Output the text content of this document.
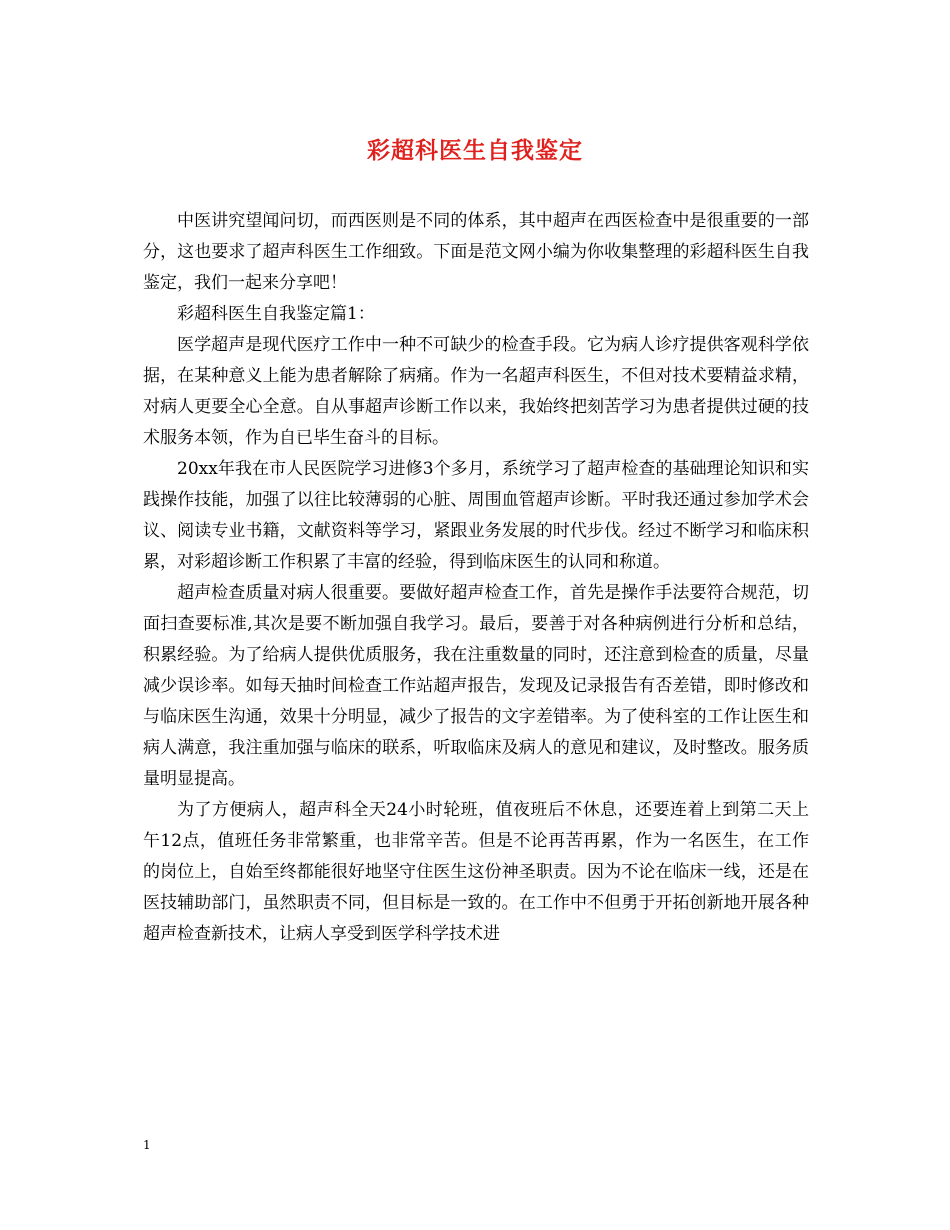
彩超科医生自我鉴定

中医讲究望闻问切，而西医则是不同的体系，其中超声在西医检查中是很重要的一部分，这也要求了超声科医生工作细致。下面是范文网小编为你收集整理的彩超科医生自我鉴定，我们一起来分享吧！

彩超科医生自我鉴定篇1：

医学超声是现代医疗工作中一种不可缺少的检查手段。它为病人诊疗提供客观科学依据，在某种意义上能为患者解除了病痛。作为一名超声科医生，不但对技术要精益求精，对病人更要全心全意。自从事超声诊断工作以来，我始终把刻苦学习为患者提供过硬的技术服务本领，作为自已毕生奋斗的目标。

20xx年我在市人民医院学习进修3个多月，系统学习了超声检查的基础理论知识和实践操作技能，加强了以往比较薄弱的心脏、周围血管超声诊断。平时我还通过参加学术会议、阅读专业书籍，文献资料等学习，紧跟业务发展的时代步伐。经过不断学习和临床积累，对彩超诊断工作积累了丰富的经验，得到临床医生的认同和称道。

超声检查质量对病人很重要。要做好超声检查工作，首先是操作手法要符合规范，切面扫查要标准,其次是要不断加强自我学习。最后，要善于对各种病例进行分析和总结，积累经验。为了给病人提供优质服务，我在注重数量的同时，还注意到检查的质量，尽量减少误诊率。如每天抽时间检查工作站超声报告，发现及记录报告有否差错，即时修改和与临床医生沟通，效果十分明显，减少了报告的文字差错率。为了使科室的工作让医生和病人满意，我注重加强与临床的联系，听取临床及病人的意见和建议，及时整改。服务质量明显提高。

为了方便病人，超声科全天24小时轮班，值夜班后不休息，还要连着上到第二天上午12点，值班任务非常繁重，也非常辛苦。但是不论再苦再累，作为一名医生，在工作的岗位上，自始至终都能很好地坚守住医生这份神圣职责。因为不论在临床一线，还是在医技辅助部门，虽然职责不同，但目标是一致的。在工作中不但勇于开拓创新地开展各种超声检查新技术，让病人享受到医学科学技术进

1
